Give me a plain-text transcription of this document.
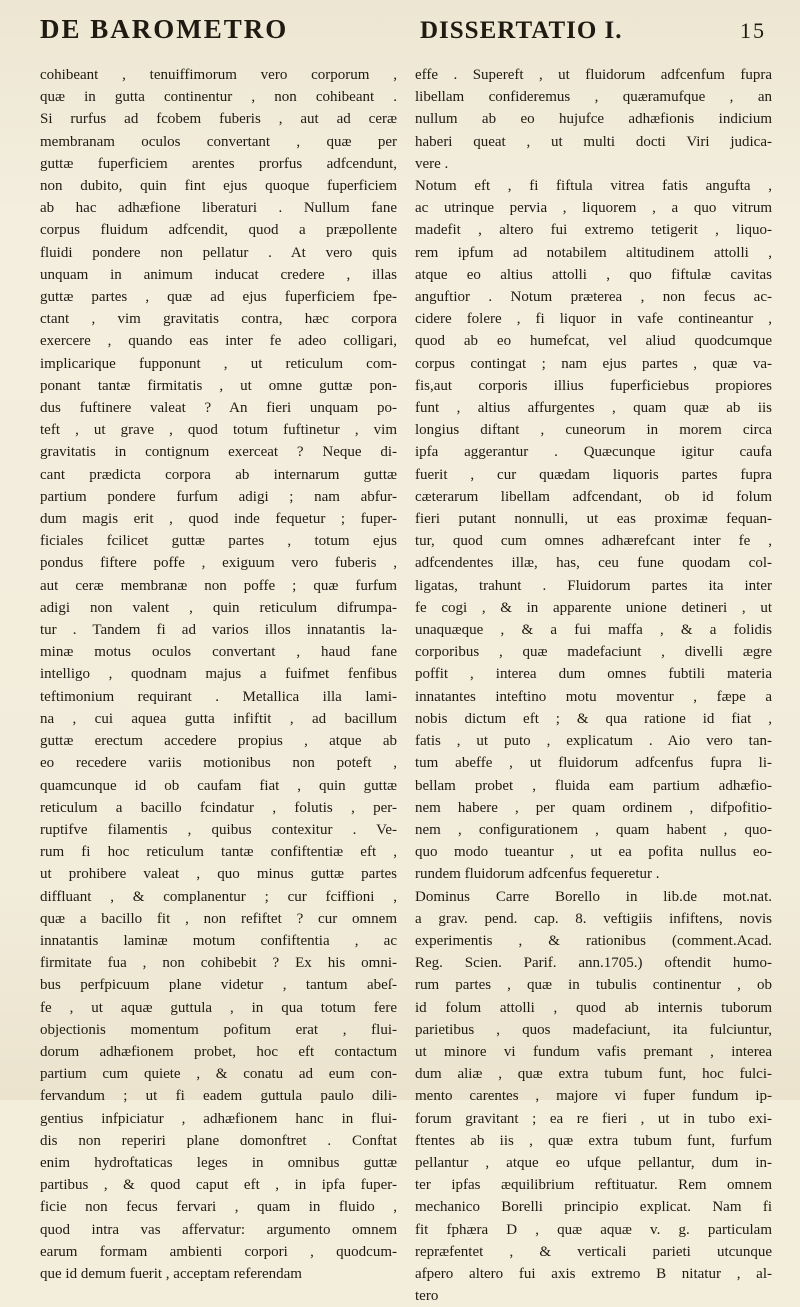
DE BAROMETRO	DISSERTATIO I.	15
cohibeant , tenuiffimorum vero corporum ,
quæ in gutta continentur , non cohibeant .
Si rurfus ad fcobem fuberis , aut ad ceræ
membranam oculos convertant , quæ per
guttæ fuperficiem arentes prorfus adfcendunt,
non dubito, quin fint ejus quoque fuperficiem
ab hac adhæfione liberaturi . Nullum fane
corpus fluidum adfcendit, quod a præpollente
fluidi pondere non pellatur . At vero quis
unquam in animum inducat credere , illas
guttæ partes , quæ ad ejus fuperficiem fpe-
ctant , vim gravitatis contra, hæc corpora
exercere , quando eas inter fe adeo colligari,
implicarique fupponunt , ut reticulum com-
ponant tantæ firmitatis , ut omne guttæ pon-
dus fuftinere valeat ? An fieri unquam po-
teft , ut grave , quod totum fuftinetur , vim
gravitatis in contignum exerceat ? Neque di-
cant prædicta corpora ab internarum guttæ
partium pondere furfum adigi ; nam abfur-
dum magis erit , quod inde fequetur ; fuper-
ficiales fcilicet guttæ partes , totum ejus
pondus fiftere poffe , exiguum vero fuberis ,
aut ceræ membranæ non poffe ; quæ furfum
adigi non valent , quin reticulum difrumpa-
tur . Tandem fi ad varios illos innatantis la-
minæ motus oculos convertant , haud fane
intelligo , quodnam majus a fuifmet fenfibus
teftimonium requirant . Metallica illa lami-
na , cui aquea gutta infiftit , ad bacillum
guttæ erectum accedere propius , atque ab
eo recedere variis motionibus non poteft ,
quamcunque id ob caufam fiat , quin guttæ
reticulum a bacillo fcindatur , folutis , per-
ruptifve filamentis , quibus contexitur . Ve-
rum fi hoc reticulum tantæ confiftentiæ eft ,
ut prohibere valeat , quo minus guttæ partes
diffluant , & complanentur ; cur fciffioni ,
quæ a bacillo fit , non refiftet ? cur omnem
innatantis laminæ motum confiftentia , ac
firmitate fua , non cohibebit ? Ex his omni-
bus perfpicuum plane videtur , tantum abeſ-
fe , ut aquæ guttula , in qua totum fere
objectionis momentum pofitum erat , flui-
dorum adhæfionem probet, hoc eft contactum
partium cum quiete , & conatu ad eum con-
fervandum ; ut fi eadem guttula paulo dili-
gentius infpiciatur , adhæfionem hanc in flui-
dis non reperiri plane domonftret . Conftat
enim hydroftaticas leges in omnibus guttæ
partibus , & quod caput eft , in ipfa fuper-
ficie non fecus fervari , quam in fluido ,
quod intra vas affervatur: argumento omnem
earum formam ambienti corpori , quodcum-
que id demum fuerit , acceptam referendam
effe . Supereft , ut fluidorum adfcenfum fupra
libellam confideremus , quæramufque , an
nullum ab eo hujufce adhæfionis indicium
haberi queat , ut multi docti Viri judica-
vere .
Notum eft , fi fiftula vitrea fatis angufta ,
ac utrinque pervia , liquorem , a quo vitrum
madefit , altero fui extremo tetigerit , liquo-
rem ipfum ad notabilem altitudinem attolli ,
atque eo altius attolli , quo fiftulæ cavitas
anguftior . Notum præterea , non fecus ac-
cidere folere , fi liquor in vafe contineantur ,
quod ab eo humefcat, vel aliud quodcumque
corpus contingat ; nam ejus partes , quæ va-
fis,aut corporis illius fuperficiebus propiores
funt , altius affurgentes , quam quæ ab iis
longius diftant , cuneorum in morem circa
ipfa aggerantur . Quæcunque igitur caufa
fuerit , cur quædam liquoris partes fupra
cæterarum libellam adfcendant, ob id folum
fieri putant nonnulli, ut eas proximæ fequan-
tur, quod cum omnes adhærefcant inter fe ,
adfcendentes illæ, has, ceu fune quodam col-
ligatas, trahunt . Fluidorum partes ita inter
fe cogi , & in apparente unione detineri , ut
unaquæque , & a fui maffa , & a folidis
corporibus , quæ madefaciunt , divelli ægre
poffit , interea dum omnes fubtili materia
innatantes inteftino motu moventur , fæpe a
nobis dictum eft ; & qua ratione id fiat ,
fatis , ut puto , explicatum . Aio vero tan-
tum abeffe , ut fluidorum adfcenfus fupra li-
bellam probet , fluida eam partium adhæfio-
nem habere , per quam ordinem , difpofitio-
nem , configurationem , quam habent , quo-
quo modo tueantur , ut ea pofita nullus eo-
rundem fluidorum adfcenfus fequeretur .
Dominus Carre Borello in lib.de mot.nat.
a grav. pend. cap. 8. veftigiis infiftens, novis
experimentis , & rationibus (comment.Acad.
Reg. Scien. Parif. ann.1705.) oftendit humo-
rum partes , quæ in tubulis continentur , ob
id folum attolli , quod ab internis tuborum
parietibus , quos madefaciunt, ita fulciuntur,
ut minore vi fundum vafis premant , interea
dum aliæ , quæ extra tubum funt, hoc fulci-
mento carentes , majore vi fuper fundum ip-
forum gravitant ; ea re fieri , ut in tubo exi-
ftentes ab iis , quæ extra tubum funt, furfum
pellantur , atque eo ufque pellantur, dum in-
ter ipfas æquilibrium reftituatur. Rem omnem
mechanico Borelli principio explicat. Nam fi
fit fphæra D , quæ aquæ v. g. particulam
repræfentet , & verticali parieti utcunque
afpero altero fui axis extremo B nitatur , al-
tero
